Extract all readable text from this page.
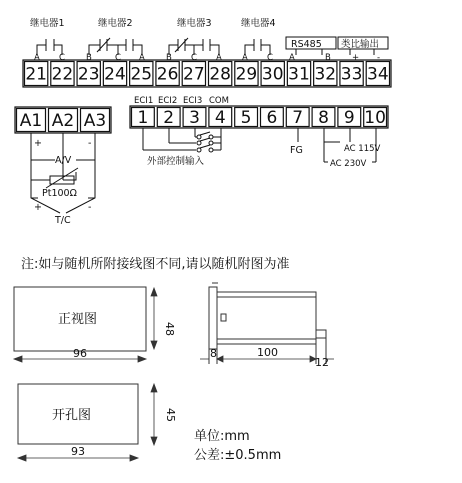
继电器1	继电器2	继电器3	继电器4
A C B	C A B C A A C
RS485
A	B
类比输出
+ -
21 22 23 24 25 26 27 28 29 30 31 32 33 34
A1 A2 A3
+	-
A/V
Pt100Ω
+	-
T/C
ECI1 ECI2 ECI3 COM
1 2 3 4 5 6 7 8 9 10
外部控制输入
FG	AC 115V
AC 230V
注:如与随机所附接线图不同,请以随机附图为准
正视图
48
96	8	100
12
开孔图	45
93
单位:mm
公差:±0.5mm
